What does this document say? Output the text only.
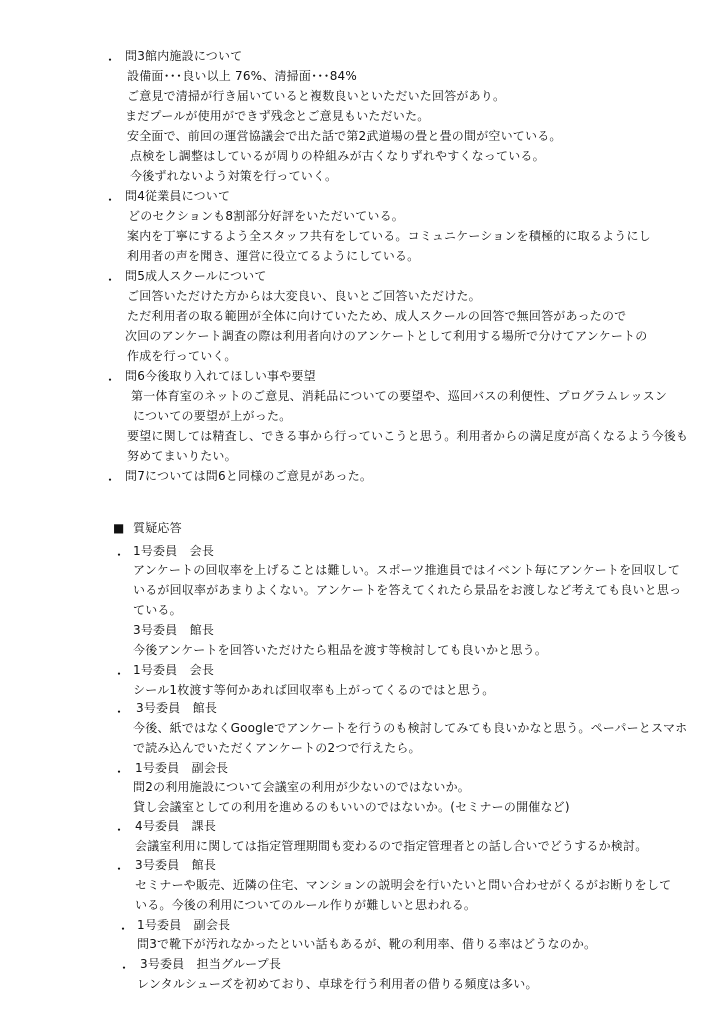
・ 問3館内施設について
設備面･･･良い以上 76%、清掃面･･･84%
ご意見で清掃が行き届いていると複数良いといただいた回答があり。
まだプールが使用ができず残念とご意見もいただいた。
安全面で、前回の運営協議会で出た話で第2武道場の畳と畳の間が空いている。
点検をし調整はしているが周りの枠組みが古くなりずれやすくなっている。
今後ずれないよう対策を行っていく。
・ 問4従業員について
どのセクションも8割部分好評をいただいている。
案内を丁寧にするよう全スタッフ共有をしている。コミュニケーションを積極的に取るようにし
利用者の声を聞き、運営に役立てるようにしている。
・ 問5成人スクールについて
ご回答いただけた方からは大変良い、良いとご回答いただけた。
ただ利用者の取る範囲が全体に向けていたため、成人スクールの回答で無回答があったので
次回のアンケート調査の際は利用者向けのアンケートとして利用する場所で分けてアンケートの
作成を行っていく。
・ 問6今後取り入れてほしい事や要望
第一体育室のネットのご意見、消耗品についての要望や、巡回バスの利便性、プログラムレッスン
についての要望が上がった。
要望に関しては精査し、できる事から行っていこうと思う。利用者からの満足度が高くなるよう今後も
努めてまいりたい。
・ 問7については問6と同様のご意見があった。
■ 質疑応答
・ 1号委員　会長
アンケートの回収率を上げることは難しい。スポーツ推進員ではイベント毎にアンケートを回収して
いるが回収率があまりよくない。アンケートを答えてくれたら景品をお渡しなど考えても良いと思っ
ている。
3号委員　館長
今後アンケートを回答いただけたら粗品を渡す等検討しても良いかと思う。
・ 1号委員　会長
シール1枚渡す等何かあれば回収率も上がってくるのではと思う。
・ 3号委員　館長
今後、紙ではなくGoogleでアンケートを行うのも検討してみても良いかなと思う。ペーパーとスマホ
で読み込んでいただくアンケートの2つで行えたら。
・ 1号委員　副会長
問2の利用施設について会議室の利用が少ないのではないか。
貸し会議室としての利用を進めるのもいいのではないか。(セミナーの開催など)
・ 4号委員　課長
会議室利用に関しては指定管理期間も変わるので指定管理者との話し合いでどうするか検討。
・ 3号委員　館長
セミナーや販売、近隣の住宅、マンションの説明会を行いたいと問い合わせがくるがお断りをして
いる。今後の利用についてのルール作りが難しいと思われる。
・ 1号委員　副会長
問3で靴下が汚れなかったといい話もあるが、靴の利用率、借りる率はどうなのか。
・ 3号委員　担当グループ長
レンタルシューズを初めており、卓球を行う利用者の借りる頻度は多い。
